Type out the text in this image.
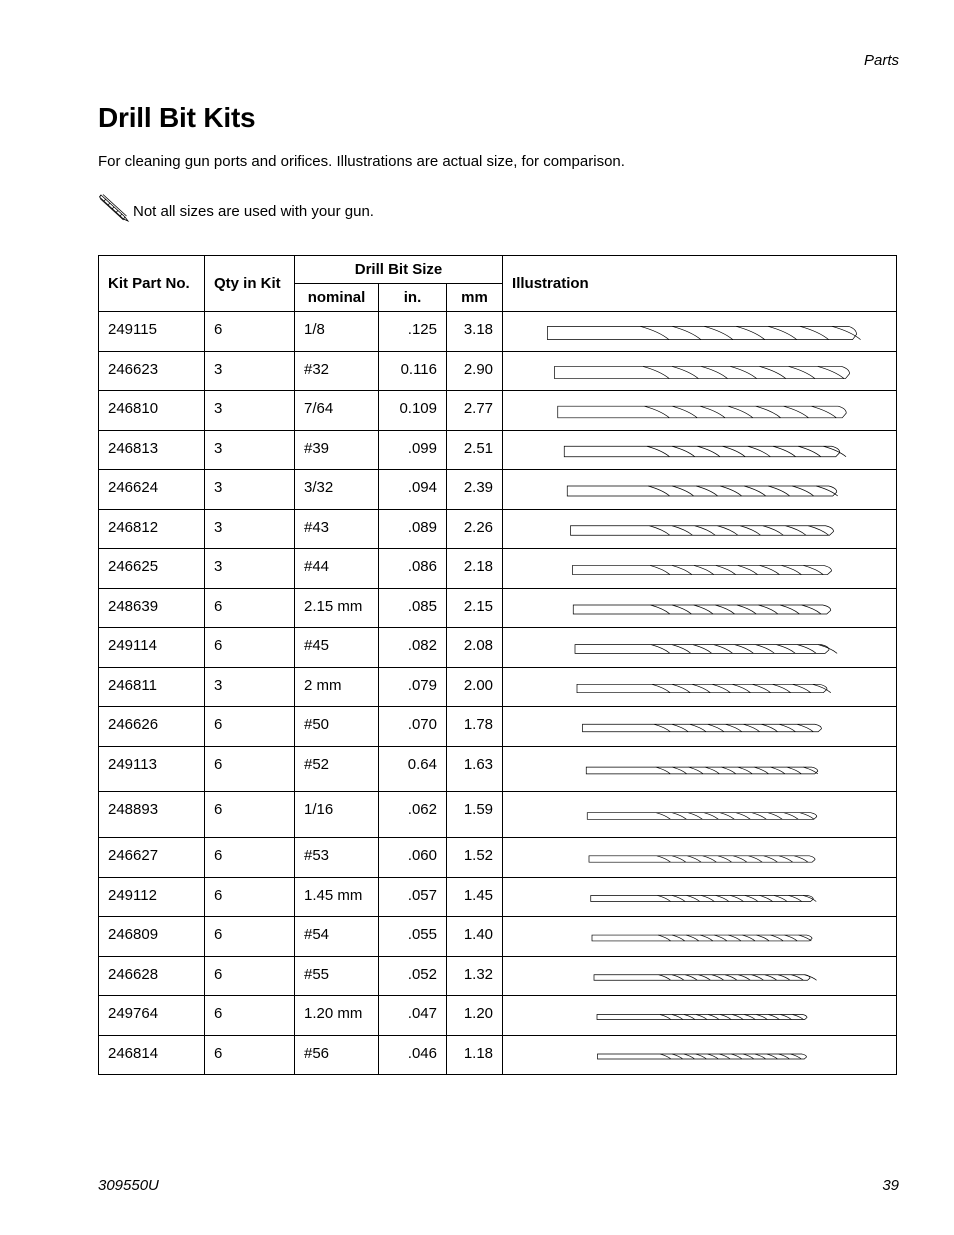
Parts
Drill Bit Kits
For cleaning gun ports and orifices. Illustrations are actual size, for comparison.
Not all sizes are used with your gun.
Kit Part No.	Qty in Kit	Drill Bit Size			Illustration
		nominal	in.	mm	
249115	6	1/8	.125	3.18	

246623	3	#32	0.116	2.90	

246810	3	7/64	0.109	2.77	

246813	3	#39	.099	2.51	

246624	3	3/32	.094	2.39	

246812	3	#43	.089	2.26	

246625	3	#44	.086	2.18	

248639	6	2.15 mm	.085	2.15	

249114	6	#45	.082	2.08	

246811	3	2 mm	.079	2.00	

246626	6	#50	.070	1.78	

249113	6	#52	0.64	1.63	

248893	6	1/16	.062	1.59	

246627	6	#53	.060	1.52	

249112	6	1.45 mm	.057	1.45	

246809	6	#54	.055	1.40	

246628	6	#55	.052	1.32	

249764	6	1.20 mm	.047	1.20	

246814	6	#56	.046	1.18	
309550U	39
